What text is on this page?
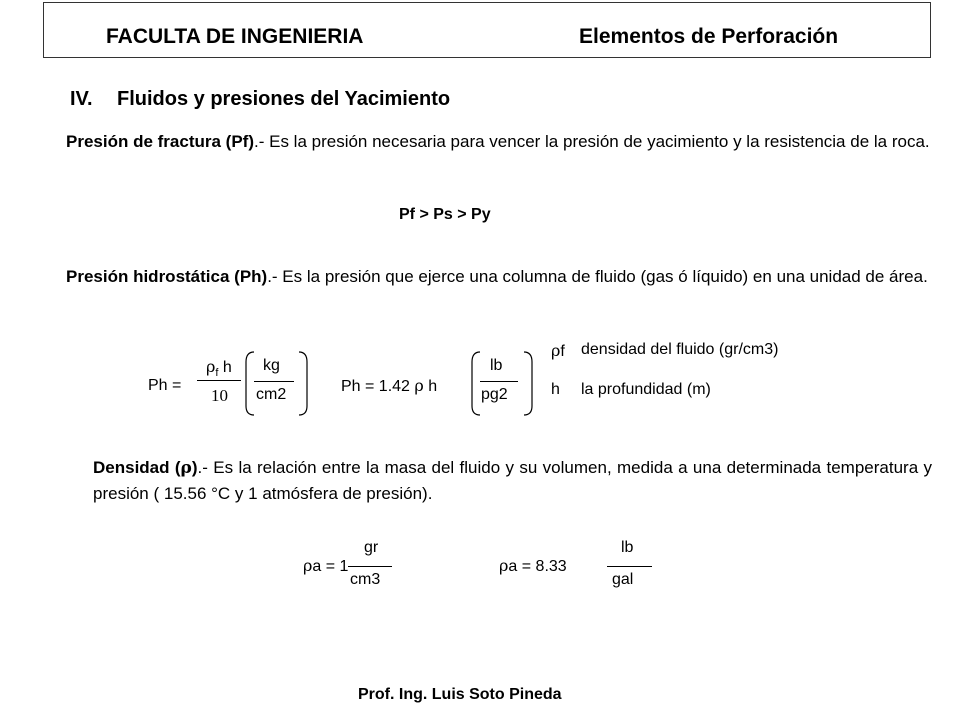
FACULTA DE INGENIERIA	Elementos de Perforación
IV. Fluidos y presiones del Yacimiento
Presión de fractura (Pf).- Es la presión necesaria para vencer la presión de yacimiento y la resistencia de la roca.
Pf > Ps > Py
Presión hidrostática (Ph).- Es la presión que ejerce una columna de fluido (gas ó líquido) en una unidad de área.
Ph =
$\rho_f$ h
10
kg
cm2	Ph = 1.42 ρ h
lb
pg2
ρf densidad del fluido (gr/cm3)
h la profundidad (m)
Densidad (ρ).- Es la relación entre la masa del fluido y su volumen, medida a una determinada temperatura y presión ( 15.56 °C y 1 atmósfera de presión).
ρa = 1
gr
cm3
ρa = 8.33
lb
gal
Prof. Ing. Luis Soto Pineda
